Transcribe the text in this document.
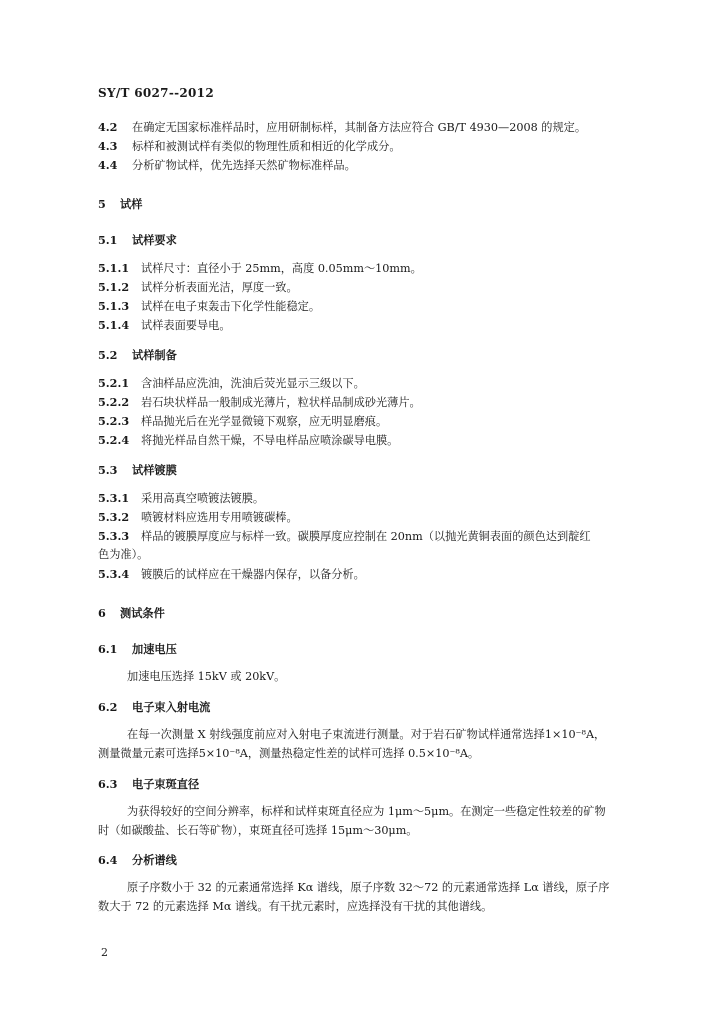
SY/T 6027--2012
4.2 在确定无国家标准样品时，应用研制标样，其制备方法应符合 GB/T 4930—2008 的规定。
4.3 标样和被测试样有类似的物理性质和相近的化学成分。
4.4 分析矿物试样，优先选择天然矿物标准样品。
5 试样
5.1 试样要求
5.1.1 试样尺寸：直径小于 25mm，高度 0.05mm～10mm。
5.1.2 试样分析表面光洁，厚度一致。
5.1.3 试样在电子束轰击下化学性能稳定。
5.1.4 试样表面要导电。
5.2 试样制备
5.2.1 含油样品应洗油，洗油后荧光显示三级以下。
5.2.2 岩石块状样品一般制成光薄片，粒状样品制成砂光薄片。
5.2.3 样品抛光后在光学显微镜下观察，应无明显磨痕。
5.2.4 将抛光样品自然干燥，不导电样品应喷涂碳导电膜。
5.3 试样镀膜
5.3.1 采用高真空喷镀法镀膜。
5.3.2 喷镀材料应选用专用喷镀碳棒。
5.3.3 样品的镀膜厚度应与标样一致。碳膜厚度应控制在 20nm（以抛光黄铜表面的颜色达到靛红
色为准）。
5.3.4 镀膜后的试样应在干燥器内保存，以备分析。
6 测试条件
6.1 加速电压
加速电压选择 15kV 或 20kV。
6.2 电子束入射电流
在每一次测量 X 射线强度前应对入射电子束流进行测量。对于岩石矿物试样通常选择1×10⁻⁸A，
测量微量元素可选择5×10⁻⁸A，测量热稳定性差的试样可选择 0.5×10⁻⁸A。
6.3 电子束斑直径
为获得较好的空间分辨率，标样和试样束斑直径应为 1μm～5μm。在测定一些稳定性较差的矿物
时（如碳酸盐、长石等矿物），束斑直径可选择 15μm～30μm。
6.4 分析谱线
原子序数小于 32 的元素通常选择 Kα 谱线，原子序数 32～72 的元素通常选择 Lα 谱线，原子序
数大于 72 的元素选择 Mα 谱线。有干扰元素时，应选择没有干扰的其他谱线。
2
